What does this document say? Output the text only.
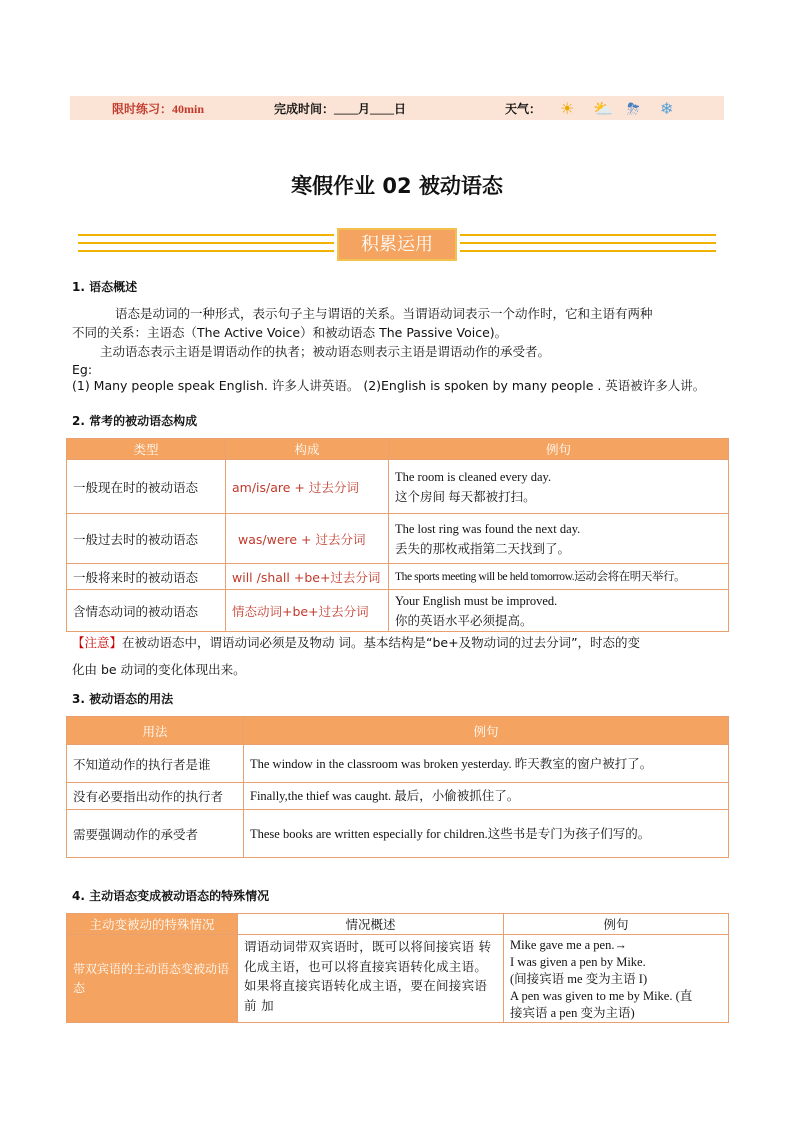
限时练习：40min	完成时间：____月____日	天气： ☀ ⛅ ⛈ ❄
寒假作业 02 被动语态
积累运用
1. 语态概述
语态是动词的一种形式，表示句子主与谓语的关系。当谓语动词表示一个动作时，它和主语有两种
不同的关系：主语态（The Active Voice）和被动语态 The Passive Voice)。
主动语态表示主语是谓语动作的执者；被动语态则表示主语是谓语动作的承受者。
Eg:
(1) Many people speak English. 许多人讲英语。 (2)English is spoken by many people . 英语被许多人讲。
2. 常考的被动语态构成
类型	构成	例句
一般现在时的被动语态	am/is/are + 过去分词	The room is cleaned every day.
这个房间 每天都被打扫。

一般过去时的被动语态	was/were + 过去分词	The lost ring was found the next day.
丢失的那枚戒指第二天找到了。

一般将来时的被动语态	will /shall +be+过去分词	The sports meeting will be held tomorrow.运动会将在明天举行。
含情态动词的被动语态	情态动词+be+过去分词	Your English must be improved.
你的英语水平必须提高。
【注意】在被动语态中，谓语动词必须是及物动 词。基本结构是“be+及物动词的过去分词”，时态的变
化由 be 动词的变化体现出来。
3. 被动语态的用法
用法	例句
不知道动作的执行者是谁	The window in the classroom was broken yesterday. 昨天教室的窗户被打了。
没有必要指出动作的执行者	Finally,the thief was caught. 最后，小偷被抓住了。
需要强调动作的承受者	These books are written especially for children.这些书是专门为孩子们写的。
4. 主动语态变成被动语态的特殊情况
主动变被动的特殊情况	情况概述	例句
带双宾语的主动语态变被动语态	谓语动词带双宾语时，既可以将间接宾语 转化成主语，也可以将直接宾语转化成主语。 如果将直接宾语转化成主语，要在间接宾语前 加	Mike gave me a pen.→
I was given a pen by Mike.
(间接宾语 me 变为主语 I)
A pen was given to me by Mike. (直
接宾语 a pen 变为主语)
